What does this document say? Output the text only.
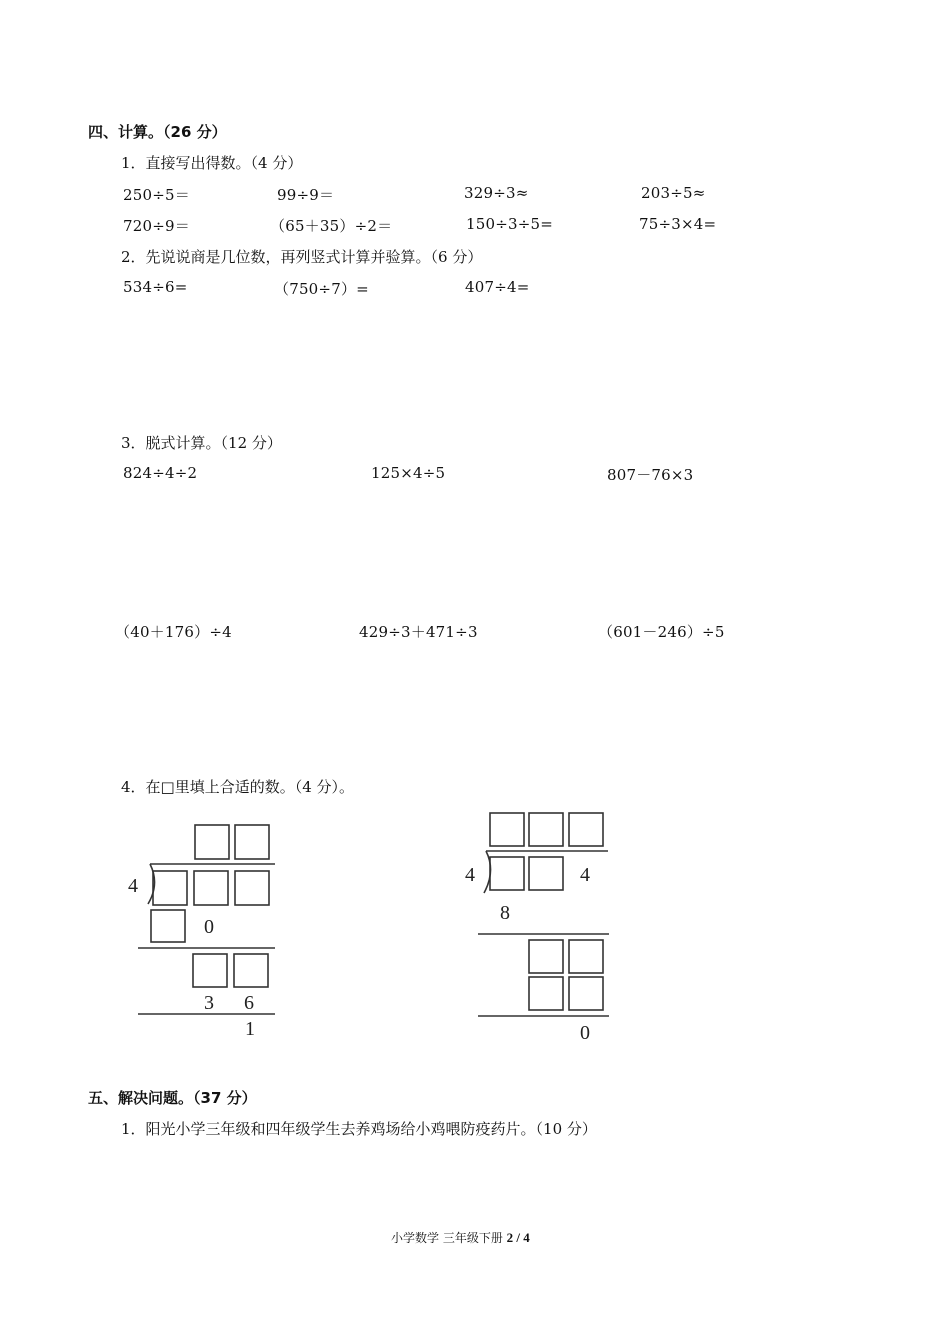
四、计算。（26 分）
1．直接写出得数。（4 分）
250÷5＝	99÷9＝	329÷3≈	203÷5≈
720÷9＝	（65＋35）÷2＝	150÷3÷5=	75÷3×4=
2．先说说商是几位数，再列竖式计算并验算。（6 分）
534÷6=	（750÷7）=	407÷4=
3．脱式计算。（12 分）
824÷4÷2	125×4÷5	807－76×3
（40＋176）÷4	429÷3＋471÷3	（601－246）÷5
4．在□里填上合适的数。（4 分）。
4
0
3 6
1
4	4
8
0
五、解决问题。（37 分）
1．阳光小学三年级和四年级学生去养鸡场给小鸡喂防疫药片。（10 分）
小学数学 三年级下册 2 / 4
